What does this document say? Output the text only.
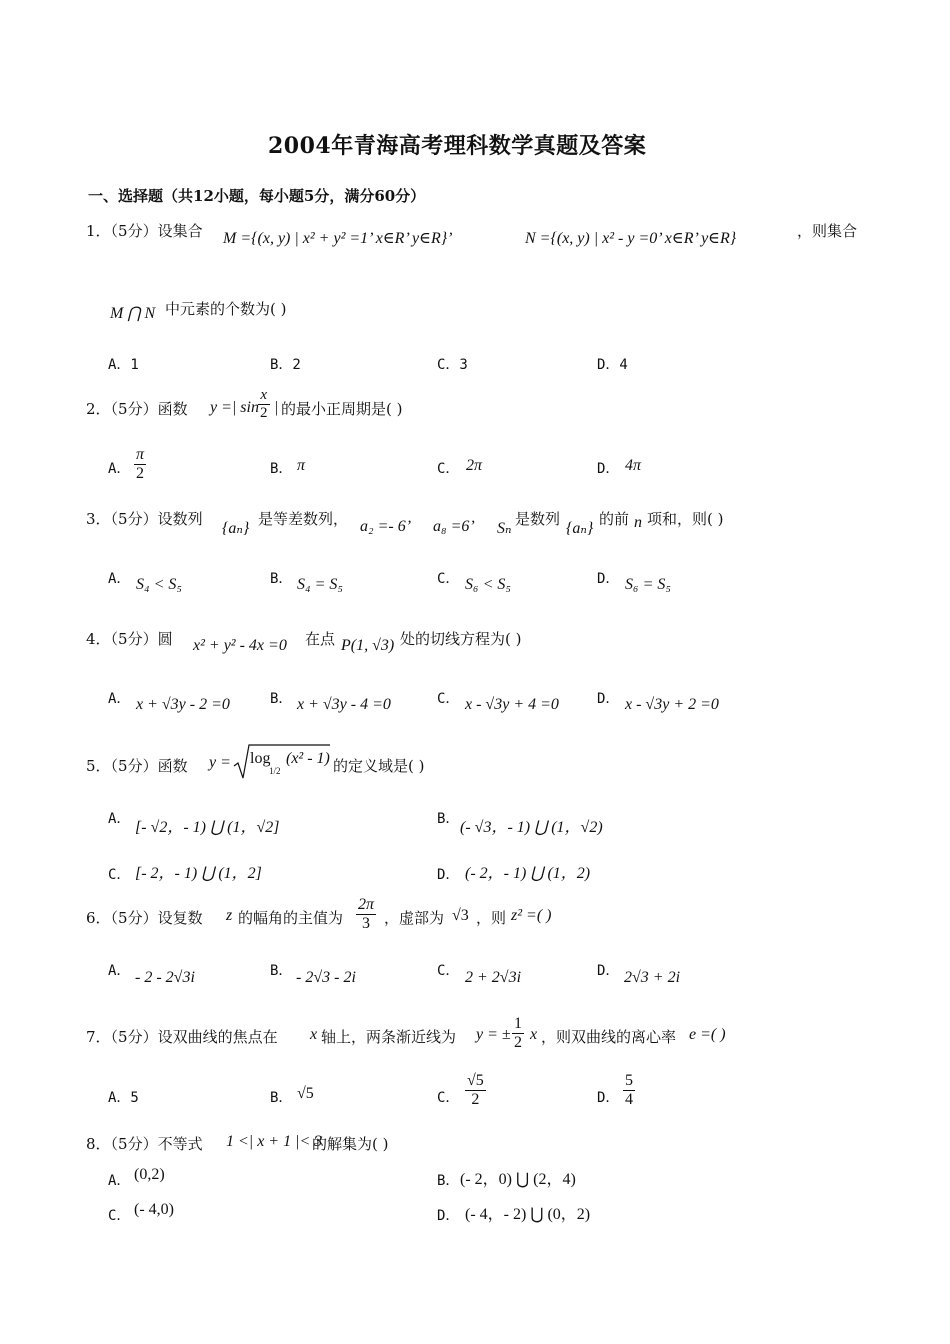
2004年青海高考理科数学真题及答案
一、选择题（共12小题，每小题5分，满分60分）
1．（5分）设集合 M ={(x, y) | x² + y² =1’ x∈R’ y∈R}’	N ={(x, y) | x² - y =0’ x∈R’ y∈R}	，则集合
M ⋂ N 中元素的个数为( )
A．1	B．2	C．3	D．4
2．（5分）函数 y =| $\sin \frac{x}{2}$ | 的最小正周期是( )
A． $\frac{\pi}{2}$	B． π	C． 2π	D． 4π
3．（5分）设数列
{aₙ}
是等差数列， a₂ =- 6’ a₈ =6’ Sₙ
是数列
{aₙ}
的前 n 项和，则( )
A． S₄ < S₅	B． S₄ = S₅	C． S₆ < S₅	D． S₆ = S₅
4．（5分）圆 x² + y² - 4x =0 在点 P(1, √3) 处的切线方程为( )
A． x + √3y - 2 =0	B． x + √3y - 4 =0	C． x - √3y + 4 =0	D． x - √3y + 2 =0
5．（5分）函数 y = log
1/2
(x² - 1) 的定义域是( )
A． [- √2，- 1) ⋃ (1，√2]	B． (- √3，- 1) ⋃ (1，√2)
C． [- 2，- 1) ⋃ (1，2]	D． (- 2，- 1) ⋃ (1，2)
6．（5分）设复数 z 的幅角的主值为 $\frac{2\pi}{3}$ ，虚部为 √3 ，则 z² =( )
A． - 2 - 2√3i	B． - 2√3 - 2i	C． 2 + 2√3i	D． 2√3 + 2i
7．（5分）设双曲线的焦点在 x 轴上，两条渐近线为 y = ± $\frac{1}{2}$ x ，则双曲线的离心率 e =( )
A．5	B． √5	C． $\frac{√5}{2}$	D． $\frac{5}{4}$
8．（5分）不等式 1 <| x + 1 |< 3
的解集为( )
A． (0,2)	B． (- 2，0) ⋃ (2，4)
C． (- 4,0)	D． (- 4，- 2) ⋃ (0，2)
